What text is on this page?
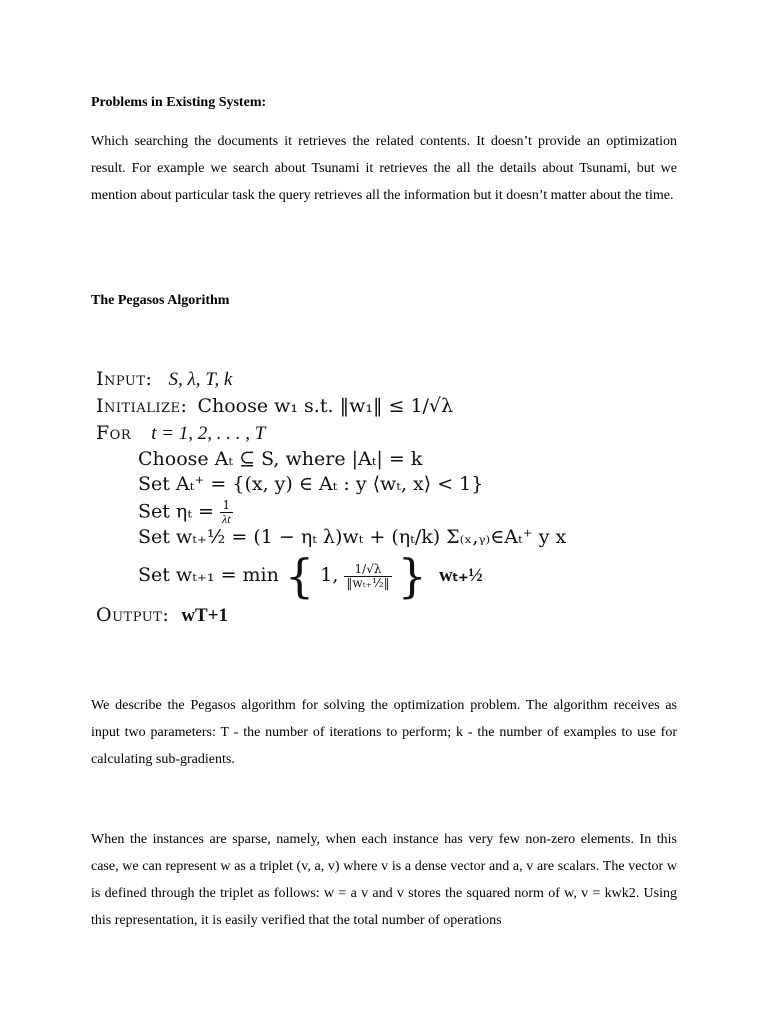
Problems in Existing System:

Which searching the documents it retrieves the related contents. It doesn’t provide an optimization result. For example we search about Tsunami it retrieves the all the details about Tsunami, but we mention about particular task the query retrieves all the information but it doesn’t matter about the time.

The Pegasos Algorithm
Input: S, λ, T, k
Initialize: Choose w₁ s.t. ‖w₁‖ ≤ 1/√λ
For t = 1, 2, . . . , T
Choose Aₜ ⊆ S, where |Aₜ| = k
Set Aₜ⁺ = {(x, y) ∈ Aₜ : y ⟨wₜ, x⟩ < 1}
Set $\eta_t = \frac{1}{\lambda t}$
Set wₜ₊½ = (1 − ηₜ λ)wₜ + (ηₜ/k) Σ₍ₓ,ᵧ₎∈Aₜ⁺ y x
Set wₜ₊₁ = min { 1, $\frac{1/√\lambda}{\text{‖wₜ₊½‖}}$ } wₜ₊½
Output: wT+1

We describe the Pegasos algorithm for solving the optimization problem. The algorithm receives as input two parameters: T - the number of iterations to perform; k - the number of examples to use for calculating sub-gradients.

When the instances are sparse, namely, when each instance has very few non-zero elements. In this case, we can represent w as a triplet (v, a, v) where v is a dense vector and a, v are scalars. The vector w is defined through the triplet as follows: w = a v and v stores the squared norm of w, v = kwk2. Using this representation, it is easily verified that the total number of operations
